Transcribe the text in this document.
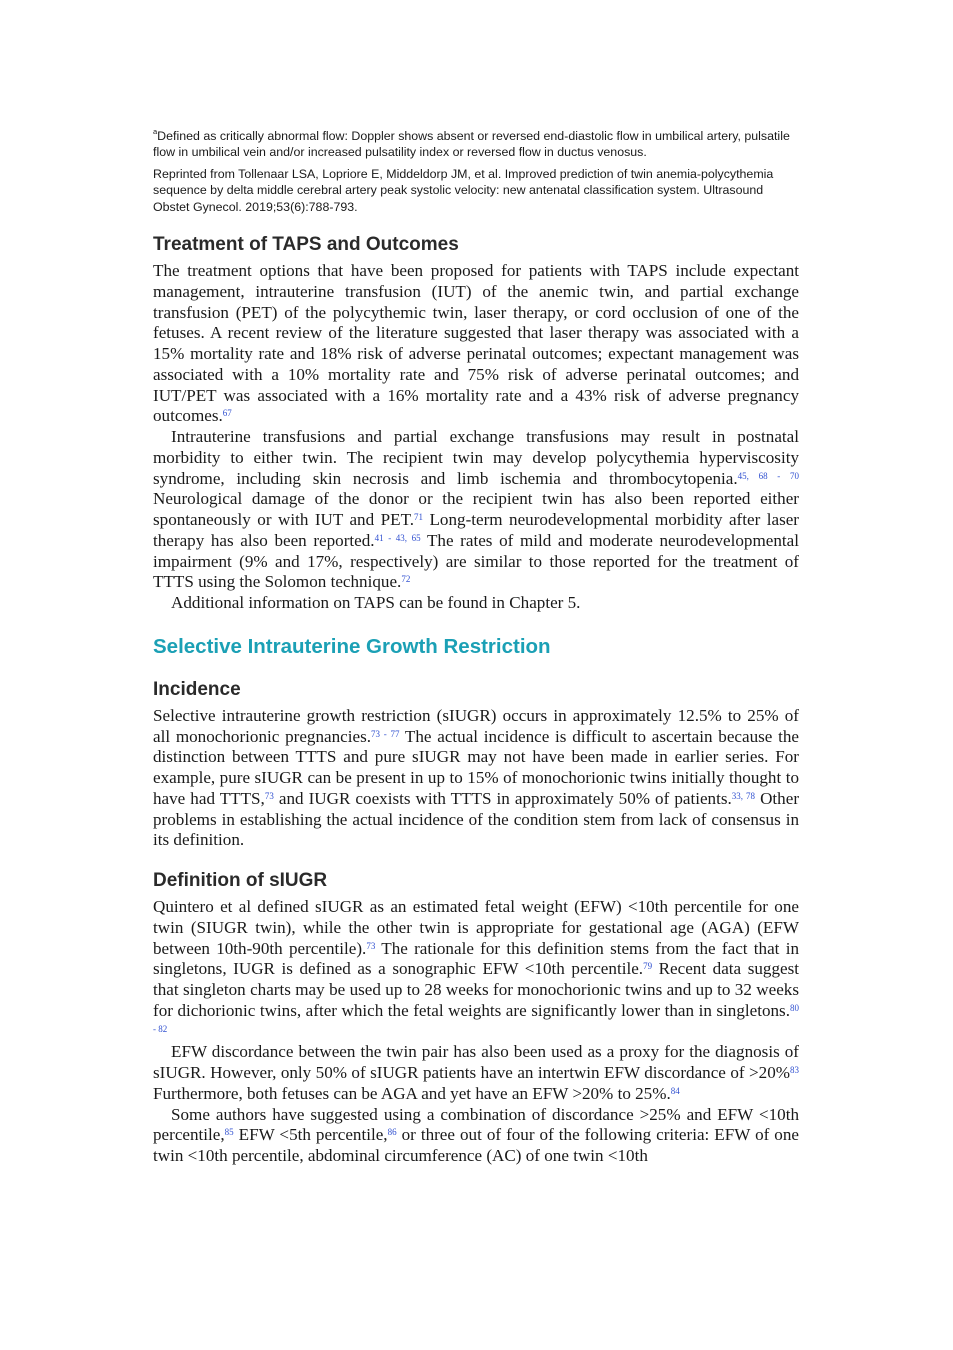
$^a$Defined as critically abnormal flow: Doppler shows absent or reversed end-diastolic flow in umbilical artery, pulsatile flow in umbilical vein and/or increased pulsatility index or reversed flow in ductus venosus.

Reprinted from Tollenaar LSA, Lopriore E, Middeldorp JM, et al. Improved prediction of twin anemia-polycythemia sequence by delta middle cerebral artery peak systolic velocity: new antenatal classification system. Ultrasound Obstet Gynecol. 2019;53(6):788-793.

Treatment of TAPS and Outcomes

The treatment options that have been proposed for patients with TAPS include expectant management, intrauterine transfusion (IUT) of the anemic twin, and partial exchange transfusion (PET) of the polycythemic twin, laser therapy, or cord occlusion of one of the fetuses. A recent review of the literature suggested that laser therapy was associated with a 15% mortality rate and 18% risk of adverse perinatal outcomes; expectant management was associated with a 10% mortality rate and 75% risk of adverse perinatal outcomes; and IUT/PET was associated with a 16% mortality rate and a 43% risk of adverse pregnancy outcomes.$^{67}$

Intrauterine transfusions and partial exchange transfusions may result in postnatal morbidity to either twin. The recipient twin may develop polycythemia hyperviscosity syndrome, including skin necrosis and limb ischemia and thrombocytopenia.$^{45, 68 - 70}$ Neurological damage of the donor or the recipient twin has also been reported either spontaneously or with IUT and PET.$^{71}$ Long-term neurodevelopmental morbidity after laser therapy has also been reported.$^{41 - 43, 65}$ The rates of mild and moderate neurodevelopmental impairment (9% and 17%, respectively) are similar to those reported for the treatment of TTTS using the Solomon technique.$^{72}$

Additional information on TAPS can be found in Chapter 5.

Selective Intrauterine Growth Restriction
Incidence

Selective intrauterine growth restriction (sIUGR) occurs in approximately 12.5% to 25% of all monochorionic pregnancies.$^{73 - 77}$ The actual incidence is difficult to ascertain because the distinction between TTTS and pure sIUGR may not have been made in earlier series. For example, pure sIUGR can be present in up to 15% of monochorionic twins initially thought to have had TTTS,$^{73}$ and IUGR coexists with TTTS in approximately 50% of patients.$^{33, 78}$ Other problems in establishing the actual incidence of the condition stem from lack of consensus in its definition.

Definition of sIUGR

Quintero et al defined sIUGR as an estimated fetal weight (EFW) <10th percentile for one twin (SIUGR twin), while the other twin is appropriate for gestational age (AGA) (EFW between 10th-90th percentile).$^{73}$ The rationale for this definition stems from the fact that in singletons, IUGR is defined as a sonographic EFW <10th percentile.$^{79}$ Recent data suggest that singleton charts may be used up to 28 weeks for monochorionic twins and up to 32 weeks for dichorionic twins, after which the fetal weights are significantly lower than in singletons.$^{80 - 82}$

EFW discordance between the twin pair has also been used as a proxy for the diagnosis of sIUGR. However, only 50% of sIUGR patients have an intertwin EFW discordance of >20%$^{83}$ Furthermore, both fetuses can be AGA and yet have an EFW >20% to 25%.$^{84}$

Some authors have suggested using a combination of discordance >25% and EFW <10th percentile,$^{85}$ EFW <5th percentile,$^{86}$ or three out of four of the following criteria: EFW of one twin <10th percentile, abdominal circumference (AC) of one twin <10th
